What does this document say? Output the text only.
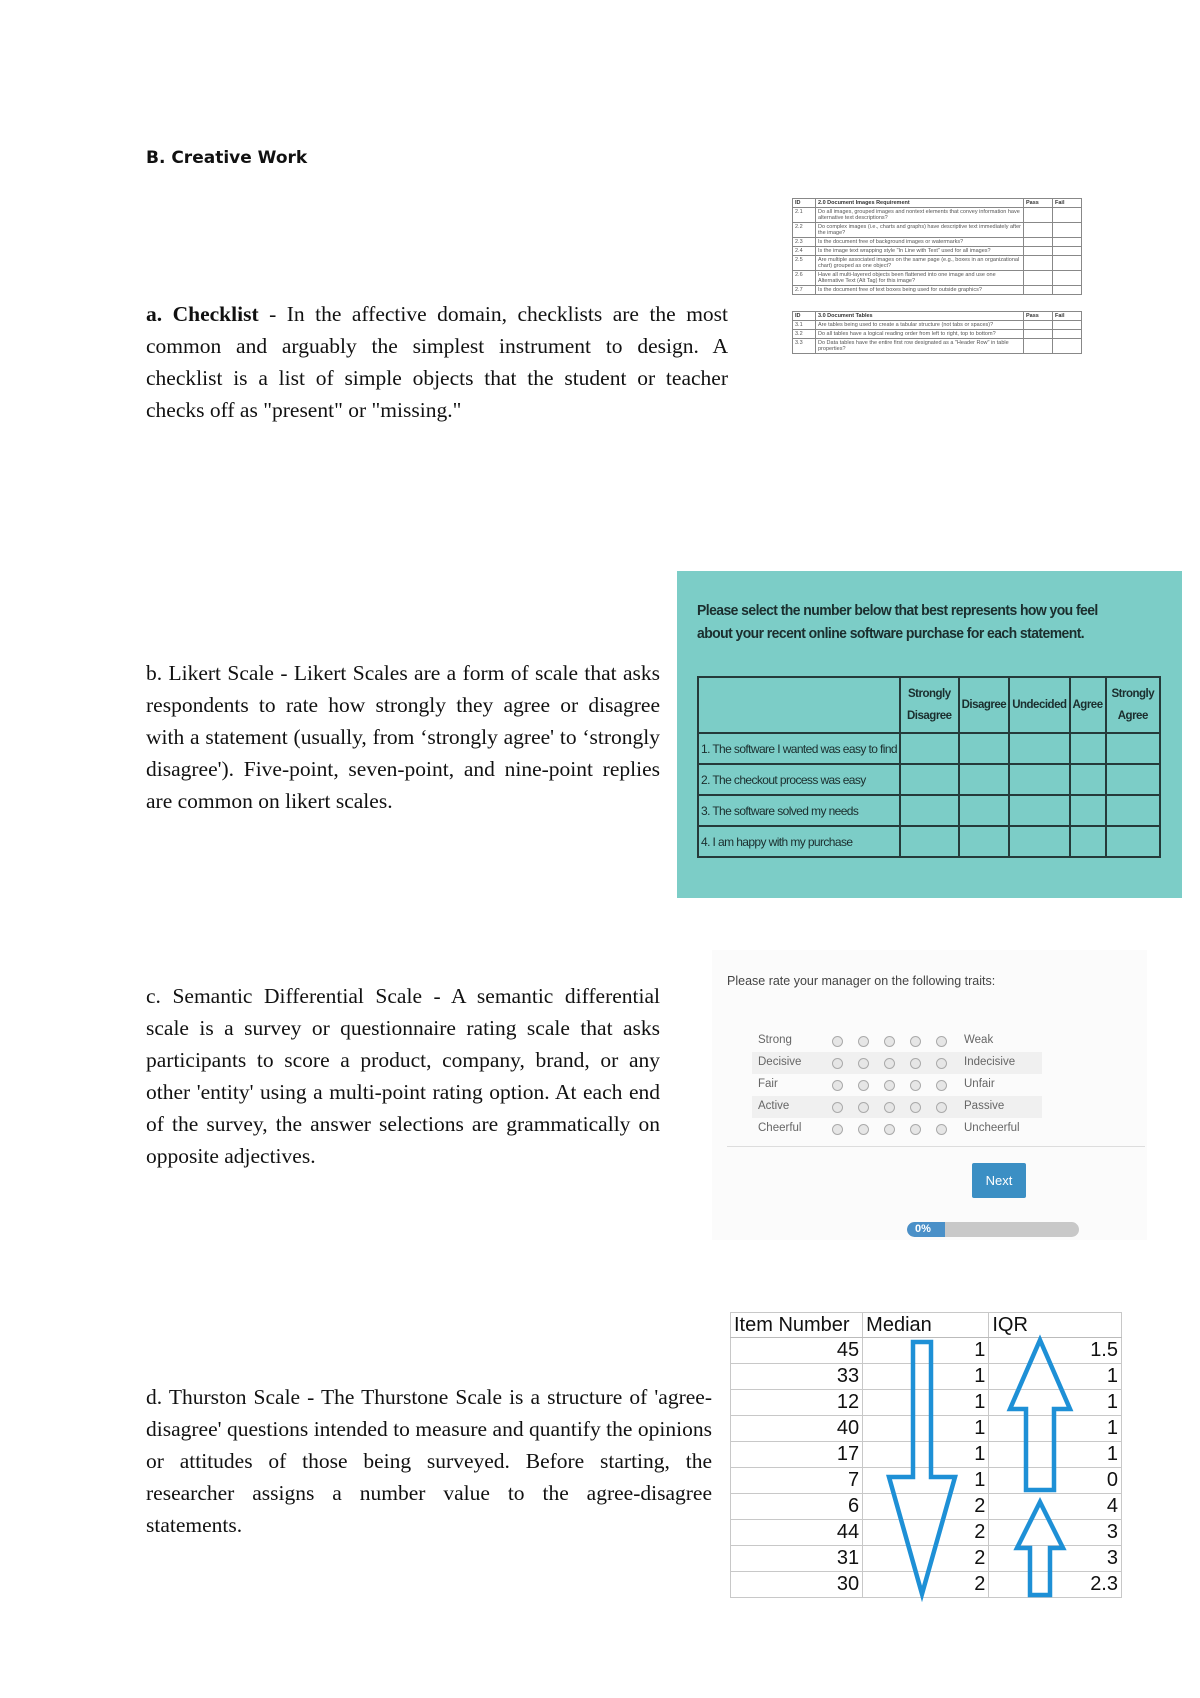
B. Creative Work

a. Checklist - In the affective domain, checklists are the most common and arguably the simplest instrument to design. A checklist is a list of simple objects that the student or teacher checks off as "present" or "missing."

ID	2.0 Document Images Requirement	Pass	Fail
2.1	Do all images, grouped images and nontext elements that convey information have alternative text descriptions?		
2.2	Do complex images (i.e., charts and graphs) have descriptive text immediately after the image?		
2.3	Is the document free of background images or watermarks?		
2.4	Is the image text wrapping style "In Line with Text" used for all images?		
2.5	Are multiple associated images on the same page (e.g., boxes in an organizational chart) grouped as one object?		
2.6	Have all multi-layered objects been flattened into one image and use one Alternative Text (Alt Tag) for this image?		
2.7	Is the document free of text boxes being used for outside graphics?		
ID	3.0 Document Tables	Pass	Fail
3.1	Are tables being used to create a tabular structure (not tabs or spaces)?		
3.2	Do all tables have a logical reading order from left to right, top to bottom?		
3.3	Do Data tables have the entire first row designated as a "Header Row" in table properties?		

b. Likert Scale - Likert Scales are a form of scale that asks respondents to rate how strongly they agree or disagree with a statement (usually, from ‘strongly agree' to ‘strongly disagree'). Five-point, seven-point, and nine-point replies are common on likert scales.

Please select the number below that best represents how you feel about your recent online software purchase for each statement.
	Strongly Disagree	Disagree	Undecided	Agree	Strongly Agree
1. The software I wanted was easy to find					
2. The checkout process was easy					
3. The software solved my needs					
4. I am happy with my purchase					

c. Semantic Differential Scale - A semantic differential scale is a survey or questionnaire rating scale that asks participants to score a product, company, brand, or any other 'entity' using a multi-point rating option. At each end of the survey, the answer selections are grammatically on opposite adjectives.

Please rate your manager on the following traits:
Next
0%
Strong	Weak
Decisive	Indecisive
Fair	Unfair
Active	Passive
Cheerful	Uncheerful

d. Thurston Scale - The Thurstone Scale is a structure of 'agree-disagree' questions intended to measure and quantify the opinions or attitudes of those being surveyed. Before starting, the researcher assigns a number value to the agree-disagree statements.

Item Number	Median	IQR
45	1	1.5
33	1	1
12	1	1
40	1	1
17	1	1
7	1	0
6	2	4
44	2	3
31	2	3
30	2	2.3
